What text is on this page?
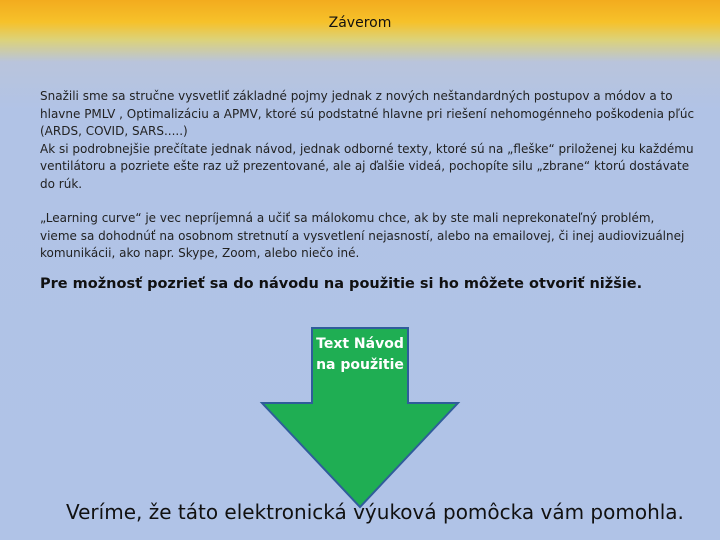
Záverom

Snažili sme sa stručne vysvetliť základné pojmy jednak z nových neštandardných postupov a módov a to hlavne PMLV , Optimalizáciu a APMV, ktoré sú podstatné hlavne pri riešení nehomogénneho poškodenia pľúc (ARDS, COVID, SARS.....)

Ak si podrobnejšie prečítate jednak návod, jednak odborné texty, ktoré sú na „fleške“ priloženej ku každému ventilátoru a pozriete ešte raz už prezentované, ale aj ďalšie videá, pochopíte silu „zbrane“ ktorú dostávate do rúk.

„Learning curve“ je vec nepríjemná a učiť sa málokomu chce, ak by ste mali neprekonateľný problém, vieme sa dohodnúť na osobnom stretnutí a vysvetlení nejasností, alebo na emailovej, či inej audiovizuálnej komunikácii, ako napr. Skype, Zoom, alebo niečo iné.

Pre možnosť pozrieť sa do návodu na použitie si ho môžete otvoriť nižšie.
Text Návod na použitie
Veríme, že táto elektronická výuková pomôcka vám pomohla.
